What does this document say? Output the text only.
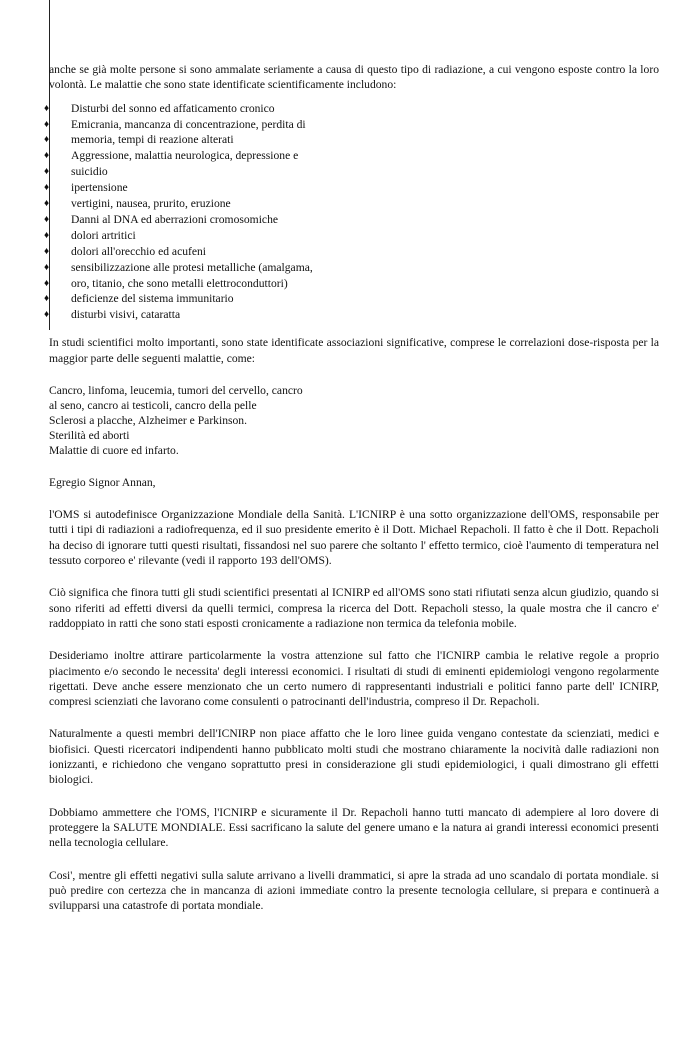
anche se già molte persone si sono ammalate seriamente a causa di questo tipo di radiazione, a cui vengono esposte contro la loro volontà. Le malattie che sono state identificate scientificamente includono:

♦ Disturbi del sonno ed affaticamento cronico
♦ Emicrania, mancanza di concentrazione, perdita di
♦ memoria, tempi di reazione alterati
♦ Aggressione, malattia neurologica, depressione e
♦ suicidio
♦ ipertensione
♦ vertigini, nausea, prurito, eruzione
♦ Danni al DNA ed aberrazioni cromosomiche
♦ dolori artritici
♦ dolori all'orecchio ed acufeni
♦ sensibilizzazione alle protesi metalliche (amalgama,
♦ oro, titanio, che sono metalli elettroconduttori)
♦ deficienze del sistema immunitario
♦ disturbi visivi, cataratta

In studi scientifici molto importanti, sono state identificate associazioni significative, comprese le correlazioni dose-risposta per la maggior parte delle seguenti malattie, come:

Cancro, linfoma, leucemia, tumori del cervello, cancro
al seno, cancro ai testicoli, cancro della pelle
Sclerosi a placche, Alzheimer e Parkinson.
Sterilità ed aborti
Malattie di cuore ed infarto.

Egregio Signor Annan,

l'OMS si autodefinisce Organizzazione Mondiale della Sanità. L'ICNIRP è una sotto organizzazione dell'OMS, responsabile per tutti i tipi di radiazioni a radiofrequenza, ed il suo presidente emerito è il Dott. Michael Repacholi. Il fatto è che il Dott. Repacholi ha deciso di ignorare tutti questi risultati, fissandosi nel suo parere che soltanto l' effetto termico, cioè l'aumento di temperatura nel tessuto corporeo e' rilevante (vedi il rapporto 193 dell'OMS).

Ciò significa che finora tutti gli studi scientifici presentati al ICNIRP ed all'OMS sono stati rifiutati senza alcun giudizio, quando si sono riferiti ad effetti diversi da quelli termici, compresa la ricerca del Dott. Repacholi stesso, la quale mostra che il cancro e' raddoppiato in ratti che sono stati esposti cronicamente a radiazione non termica da telefonia mobile.

Desideriamo inoltre attirare particolarmente la vostra attenzione sul fatto che l'ICNIRP cambia le relative regole a proprio piacimento e/o secondo le necessita' degli interessi economici. I risultati di studi di eminenti epidemiologi vengono regolarmente rigettati. Deve anche essere menzionato che un certo numero di rappresentanti industriali e politici fanno parte dell' ICNIRP, compresi scienziati che lavorano come consulenti o patrocinanti dell'industria, compreso il Dr. Repacholi.

Naturalmente a questi membri dell'ICNIRP non piace affatto che le loro linee guida vengano contestate da scienziati, medici e biofisici. Questi ricercatori indipendenti hanno pubblicato molti studi che mostrano chiaramente la nocività dalle radiazioni non ionizzanti, e richiedono che vengano soprattutto presi in considerazione gli studi epidemiologici, i quali dimostrano gli effetti biologici.

Dobbiamo ammettere che l'OMS, l'ICNIRP e sicuramente il Dr. Repacholi hanno tutti mancato di adempiere al loro dovere di proteggere la SALUTE MONDIALE. Essi sacrificano la salute del genere umano e la natura ai grandi interessi economici presenti nella tecnologia cellulare.

Cosi', mentre gli effetti negativi sulla salute arrivano a livelli drammatici, si apre la strada ad uno scandalo di portata mondiale. si può predire con certezza che in mancanza di azioni immediate contro la presente tecnologia cellulare, si prepara e continuerà a svilupparsi una catastrofe di portata mondiale.
